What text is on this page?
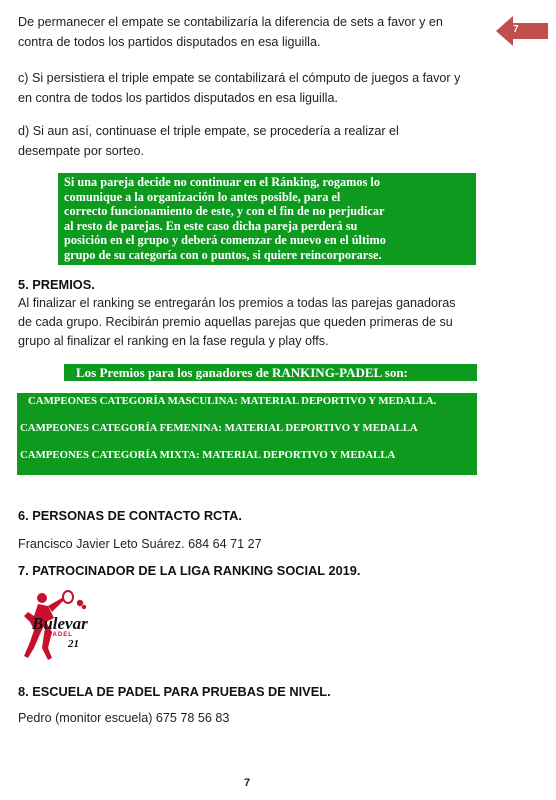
7
De permanecer el empate se contabilizaría la diferencia de sets a favor y en
contra de todos los partidos disputados en esa liguilla.
c) Si persistiera el triple empate se contabilizará el cómputo de juegos a favor y
en contra de todos los partidos disputados en esa liguilla.
d) Si aun así, continuase el triple empate, se procedería a realizar el
desempate por sorteo.
Si una pareja decide no continuar en el Ránking, rogamos lo
comunique a la organización lo antes posible, para el
correcto funcionamiento de este, y con el fin de no perjudicar
al resto de parejas. En este caso dicha pareja perderá su
posición en el grupo y deberá comenzar de nuevo en el último
grupo de su categoría con o puntos, si quiere reincorporarse.
5. PREMIOS.
Al finalizar el ranking se entregarán los premios a todas las parejas ganadoras
de cada grupo. Recibirán premio aquellas parejas que queden primeras de su
grupo al finalizar el ranking en la fase regula y play offs.
Los Premios para los ganadores de RANKING-PADEL son:
CAMPEONES CATEGORÍA MASCULINA: MATERIAL DEPORTIVO Y MEDALLA.
CAMPEONES CATEGORÍA FEMENINA: MATERIAL DEPORTIVO Y MEDALLA
CAMPEONES CATEGORÍA MIXTA: MATERIAL DEPORTIVO Y MEDALLA
6. PERSONAS DE CONTACTO RCTA.
Francisco Javier Leto Suárez. 684 64 71 27
7. PATROCINADOR DE LA LIGA RANKING SOCIAL 2019.
Bulevar
PADEL
21
8. ESCUELA DE PADEL PARA PRUEBAS DE NIVEL.
Pedro (monitor escuela) 675 78 56 83
7
